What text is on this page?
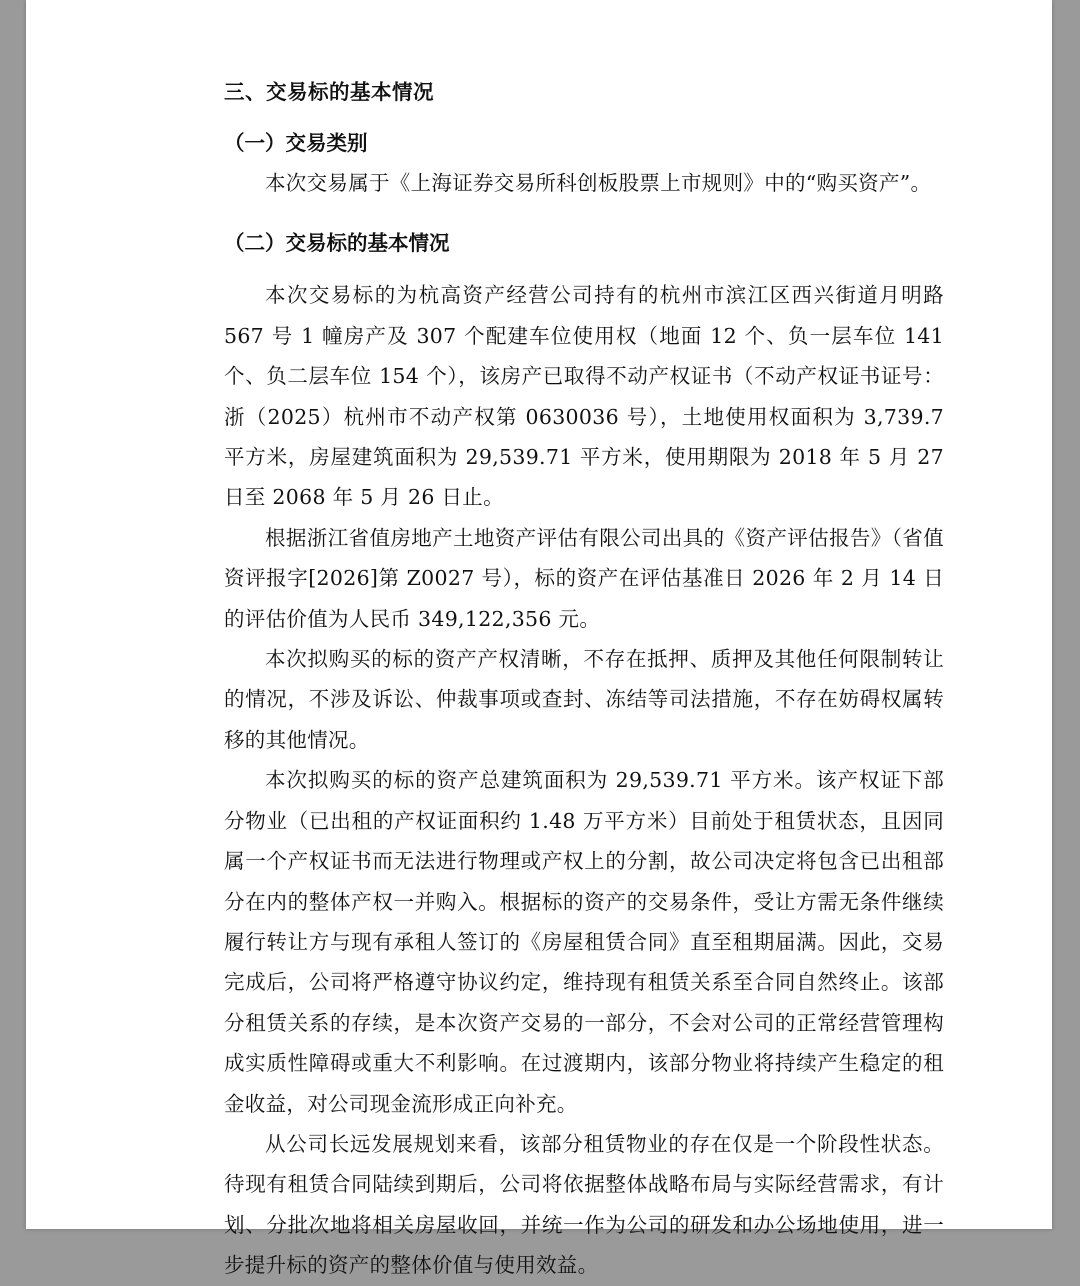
三、交易标的基本情况
（一）交易类别

本次交易属于《上海证券交易所科创板股票上市规则》中的“购买资产”。

（二）交易标的基本情况

本次交易标的为杭高资产经营公司持有的杭州市滨江区西兴街道月明路 567 号 1 幢房产及 307 个配建车位使用权（地面 12 个、负一层车位 141 个、负二层车位 154 个），该房产已取得不动产权证书（不动产权证书证号：浙（2025）杭州市不动产权第 0630036 号），土地使用权面积为 3,739.7 平方米，房屋建筑面积为 29,539.71 平方米，使用期限为 2018 年 5 月 27 日至 2068 年 5 月 26 日止。

根据浙江省值房地产土地资产评估有限公司出具的《资产评估报告》（省值资评报字[2026]第 Z0027 号），标的资产在评估基准日 2026 年 2 月 14 日的评估价值为人民币 349,122,356 元。

本次拟购买的标的资产产权清晰，不存在抵押、质押及其他任何限制转让的情况，不涉及诉讼、仲裁事项或查封、冻结等司法措施，不存在妨碍权属转移的其他情况。

本次拟购买的标的资产总建筑面积为 29,539.71 平方米。该产权证下部分物业（已出租的产权证面积约 1.48 万平方米）目前处于租赁状态，且因同属一个产权证书而无法进行物理或产权上的分割，故公司决定将包含已出租部分在内的整体产权一并购入。根据标的资产的交易条件，受让方需无条件继续履行转让方与现有承租人签订的《房屋租赁合同》直至租期届满。因此，交易完成后，公司将严格遵守协议约定，维持现有租赁关系至合同自然终止。该部分租赁关系的存续，是本次资产交易的一部分，不会对公司的正常经营管理构成实质性障碍或重大不利影响。在过渡期内，该部分物业将持续产生稳定的租金收益，对公司现金流形成正向补充。

从公司长远发展规划来看，该部分租赁物业的存在仅是一个阶段性状态。待现有租赁合同陆续到期后，公司将依据整体战略布局与实际经营需求，有计划、分批次地将相关房屋收回，并统一作为公司的研发和办公场地使用，进一步提升标的资产的整体价值与使用效益。
